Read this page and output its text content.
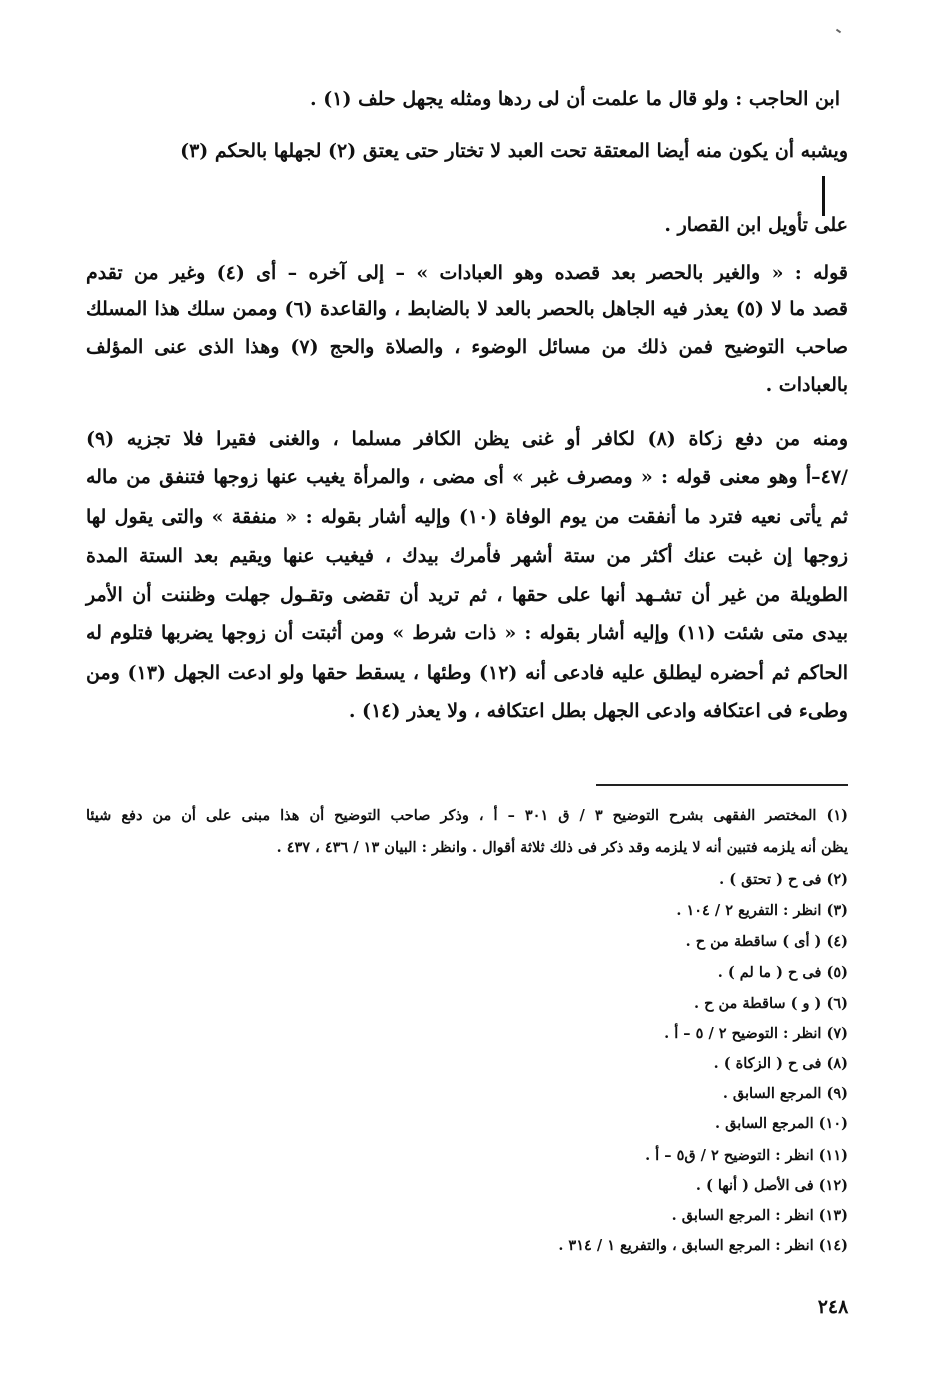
ابن الحاجب : ولو قال ما علمت أن لى ردها ومثله يجهل حلف (١) .

ويشبه أن يكون منه أيضا المعتقة تحت العبد لا تختار حتى يعتق (٢) لجهلها بالحكم (٣)

على تأويل ابن القصار .

قوله : « والغير بالحصر بعد قصده وهو العبادات » – إلى آخره – أى (٤) وغير من تقدم

قصد ما لا (٥) يعذر فيه الجاهل بالحصر بالعد لا بالضابط ، والقاعدة (٦) وممن سلك هذا المسلك

صاحب التوضيح فمن ذلك من مسائل الوضوء ، والصلاة والحج (٧) وهذا الذى عنى المؤلف

بالعبادات .

ومنه من دفع زكاة (٨) لكافر أو غنى يظن الكافر مسلما ، والغنى فقيرا فلا تجزيه (٩)

/٤٧–أ وهو معنى قوله : « ومصرف غبر » أى مضى ، والمرأة يغيب عنها زوجها فتنفق من ماله

ثم يأتى نعيه فترد ما أنفقت من يوم الوفاة (١٠) وإليه أشار بقوله : « منفقة » والتى يقول لها

زوجها إن غبت عنك أكثر من ستة أشهر فأمرك بيدك ، فيغيب عنها ويقيم بعد الستة المدة

الطويلة من غير أن تشـهد أنها على حقها ، ثم تريد أن تقضى وتقـول جهلت وظننت أن الأمر

بيدى متى شئت (١١) وإليه أشار بقوله : « ذات شرط » ومن أثبتت أن زوجها يضربها فتلوم له

الحاكم ثم أحضره ليطلق عليه فادعى أنه (١٢) وطئها ، يسقط حقها ولو ادعت الجهل (١٣) ومن

وطىء فى اعتكافه وادعى الجهل بطل اعتكافه ، ولا يعذر (١٤) .

(١) المختصر الفقهى بشرح التوضيح ٣ / ق ٣٠١ – أ ، وذكر صاحب التوضيح أن هذا مبنى على أن من دفع شيئا

يظن أنه يلزمه فتبين أنه لا يلزمه وقد ذكر فى ذلك ثلاثة أقوال . وانظر : البيان ١٣ / ٤٣٦ ، ٤٣٧ .

(٢) فى ح ( تحتق ) .

(٣) انظر : التفريع ٢ / ١٠٤ .

(٤) ( أى ) ساقطة من ح .

(٥) فى ح ( ما لم ) .

(٦) ( و ) ساقطة من ح .

(٧) انظر : التوضيح ٢ / ٥ – أ .

(٨) فى ح ( الزكاة ) .

(٩) المرجع السابق .

(١٠) المرجع السابق .

(١١) انظر : التوضيح ٢ / ق٥ – أ .

(١٢) فى الأصل ( أنها ) .

(١٣) انظر : المرجع السابق .

(١٤) انظر : المرجع السابق ، والتفريع ١ / ٣١٤ .

٢٤٨
